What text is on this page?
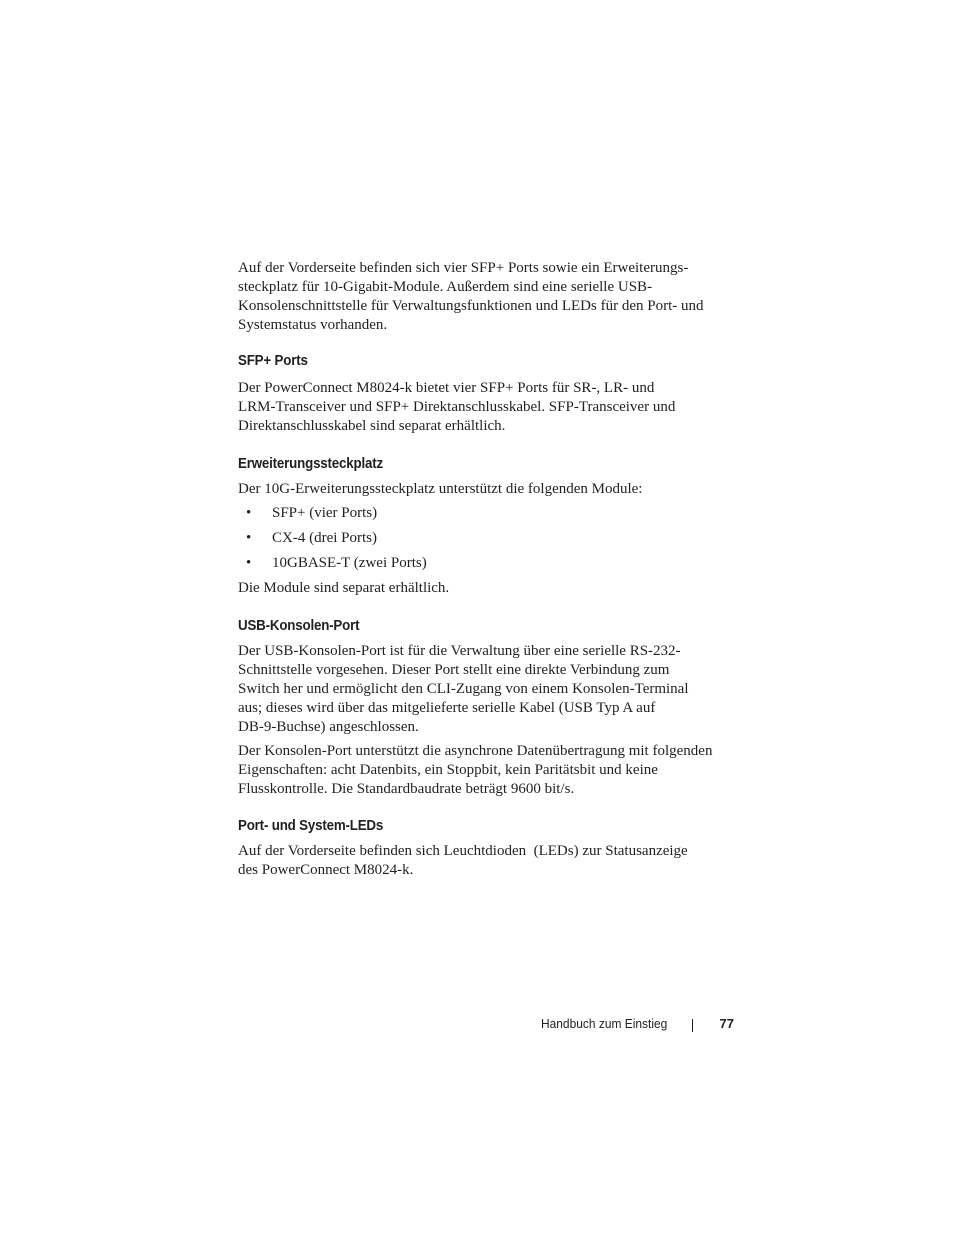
Auf der Vorderseite befinden sich vier SFP+ Ports sowie ein Erweiterungs-
steckplatz für 10-Gigabit-Module. Außerdem sind eine serielle USB-
Konsolenschnittstelle für Verwaltungsfunktionen und LEDs für den Port- und
Systemstatus vorhanden.

SFP+ Ports

Der PowerConnect M8024-k bietet vier SFP+ Ports für SR-, LR- und
LRM-Transceiver und SFP+ Direktanschlusskabel. SFP-Transceiver und
Direktanschlusskabel sind separat erhältlich.

Erweiterungssteckplatz

Der 10G-Erweiterungssteckplatz unterstützt die folgenden Module:

• SFP+ (vier Ports)
• CX-4 (drei Ports)
• 10GBASE-T (zwei Ports)

Die Module sind separat erhältlich.

USB-Konsolen-Port

Der USB-Konsolen-Port ist für die Verwaltung über eine serielle RS-232-
Schnittstelle vorgesehen. Dieser Port stellt eine direkte Verbindung zum
Switch her und ermöglicht den CLI-Zugang von einem Konsolen-Terminal
aus; dieses wird über das mitgelieferte serielle Kabel (USB Typ A auf
DB-9-Buchse) angeschlossen.

Der Konsolen-Port unterstützt die asynchrone Datenübertragung mit folgenden
Eigenschaften: acht Datenbits, ein Stoppbit, kein Paritätsbit und keine
Flusskontrolle. Die Standardbaudrate beträgt 9600 bit/s.

Port- und System-LEDs

Auf der Vorderseite befinden sich Leuchtdioden  (LEDs) zur Statusanzeige
des PowerConnect M8024-k.

Handbuch zum Einstieg	77
